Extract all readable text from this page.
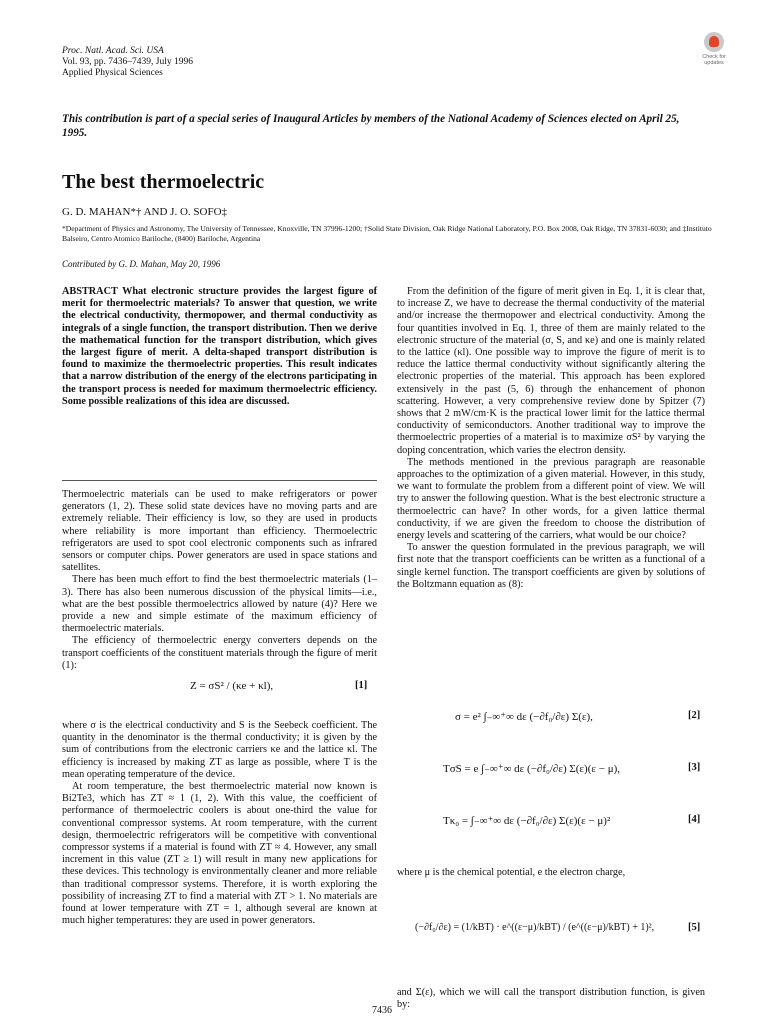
Proc. Natl. Acad. Sci. USA
Vol. 93, pp. 7436–7439, July 1996
Applied Physical Sciences
Check for
updates
This contribution is part of a special series of Inaugural Articles by members of the National Academy of Sciences elected on April 25, 1995.
The best thermoelectric
G. D. MAHAN*† AND J. O. SOFO‡
*Department of Physics and Astronomy, The University of Tennessee, Knoxville, TN 37996-1200; †Solid State Division, Oak Ridge National Laboratory, P.O. Box 2008, Oak Ridge, TN 37831-6030; and ‡Instituto Balseiro, Centro Atomico Bariloche, (8400) Bariloche, Argentina
Contributed by G. D. Mahan, May 20, 1996

ABSTRACT What electronic structure provides the largest figure of merit for thermoelectric materials? To answer that question, we write the electrical conductivity, thermopower, and thermal conductivity as integrals of a single function, the transport distribution. Then we derive the mathematical function for the transport distribution, which gives the largest figure of merit. A delta-shaped transport distribution is found to maximize the thermoelectric properties. This result indicates that a narrow distribution of the energy of the electrons participating in the transport process is needed for maximum thermoelectric efficiency. Some possible realizations of this idea are discussed.

Thermoelectric materials can be used to make refrigerators or power generators (1, 2). These solid state devices have no moving parts and are extremely reliable. Their efficiency is low, so they are used in products where reliability is more important than efficiency. Thermoelectric refrigerators are used to spot cool electronic components such as infrared sensors or computer chips. Power generators are used in space stations and satellites.

There has been much effort to find the best thermoelectric materials (1–3). There has also been numerous discussion of the physical limits—i.e., what are the best possible thermoelectrics allowed by nature (4)? Here we provide a new and simple estimate of the maximum efficiency of thermoelectric materials.

The efficiency of thermoelectric energy converters depends on the transport coefficients of the constituent materials through the figure of merit (1):

Z = σS² / (κe + κl),	[1]

where σ is the electrical conductivity and S is the Seebeck coefficient. The quantity in the denominator is the thermal conductivity; it is given by the sum of contributions from the electronic carriers κe and the lattice κl. The efficiency is increased by making ZT as large as possible, where T is the mean operating temperature of the device.

At room temperature, the best thermoelectric material now known is Bi2Te3, which has ZT ≈ 1 (1, 2). With this value, the coefficient of performance of thermoelectric coolers is about one-third the value for conventional compressor systems. At room temperature, with the current design, thermoelectric refrigerators will be competitive with conventional compressor systems if a material is found with ZT ≈ 4. However, any small increment in this value (ZT ≥ 1) will result in many new applications for these devices. This technology is environmentally cleaner and more reliable than traditional compressor systems. Therefore, it is worth exploring the possibility of increasing ZT to find a material with ZT > 1. No materials are found at lower temperature with ZT = 1, although several are known at much higher temperatures: they are used in power generators.

From the definition of the figure of merit given in Eq. 1, it is clear that, to increase Z, we have to decrease the thermal conductivity of the material and/or increase the thermopower and electrical conductivity. Among the four quantities involved in Eq. 1, three of them are mainly related to the electronic structure of the material (σ, S, and κe) and one is mainly related to the lattice (κl). One possible way to improve the figure of merit is to reduce the lattice thermal conductivity without significantly altering the electronic properties of the material. This approach has been explored extensively in the past (5, 6) through the enhancement of phonon scattering. However, a very comprehensive review done by Spitzer (7) shows that 2 mW/cm·K is the practical lower limit for the lattice thermal conductivity of semiconductors. Another traditional way to improve the thermoelectric properties of a material is to maximize σS² by varying the doping concentration, which varies the electron density.

The methods mentioned in the previous paragraph are reasonable approaches to the optimization of a given material. However, in this study, we want to formulate the problem from a different point of view. We will try to answer the following question. What is the best electronic structure a thermoelectric can have? In other words, for a given lattice thermal conductivity, if we are given the freedom to choose the distribution of energy levels and scattering of the carriers, what would be our choice?

To answer the question formulated in the previous paragraph, we will first note that the transport coefficients can be written as a functional of a single kernel function. The transport coefficients are given by solutions of the Boltzmann equation as (8):

σ = e² ∫₋∞⁺∞ dε (−∂f₀/∂ε) Σ(ε),	[2]
TσS = e ∫₋∞⁺∞ dε (−∂f₀/∂ε) Σ(ε)(ε − μ),	[3]
Tκ₀ = ∫₋∞⁺∞ dε (−∂f₀/∂ε) Σ(ε)(ε − μ)²	[4]

where μ is the chemical potential, e the electron charge,

(−∂f₀/∂ε) = (1/kBT) · e^((ε−μ)/kBT) / (e^((ε−μ)/kBT) + 1)²,	[5]

and Σ(ε), which we will call the transport distribution function, is given by:

7436
